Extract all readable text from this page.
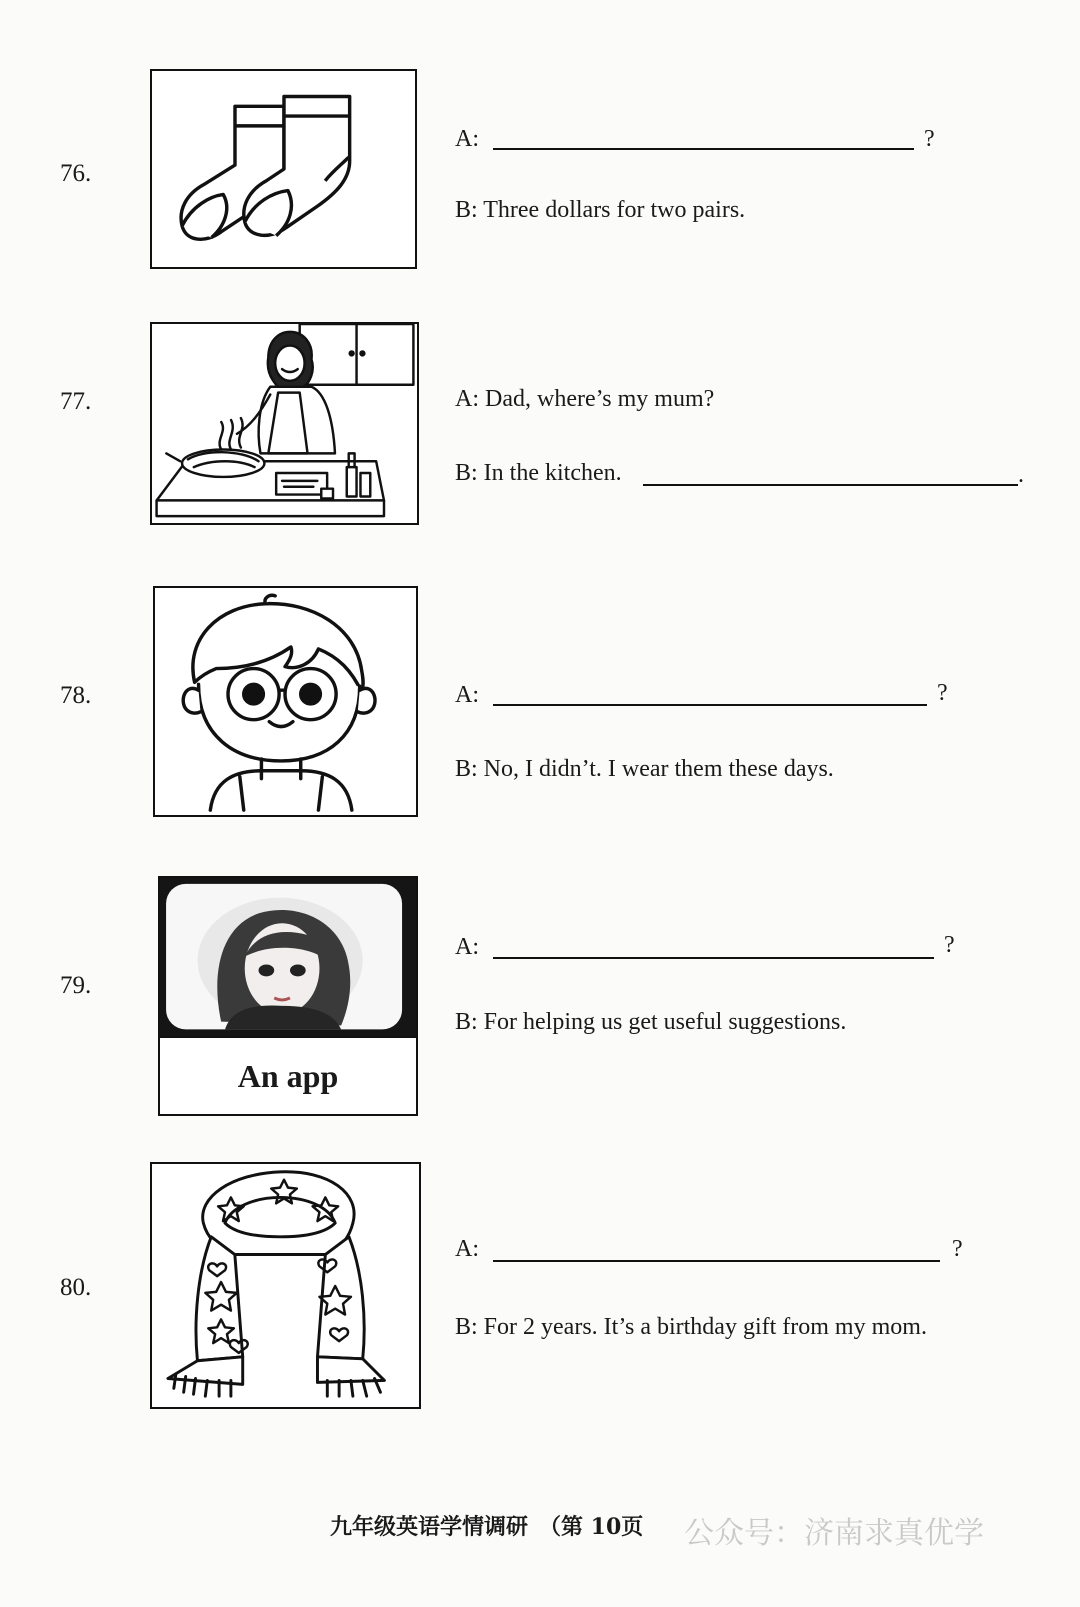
76.
A:	?
B: Three dollars for two pairs.
77.	A: Dad, where’s my mum?
B: In the kitchen.	.
78.	A:	?
B: No, I didn’t. I wear them these days.
79.
An app
A:	?
B: For helping us get useful suggestions.
80.
A:	?
B: For 2 years. It’s a birthday gift from my mom.
九年级英语学情调研　（第 10页 公众号：济南求真优学
